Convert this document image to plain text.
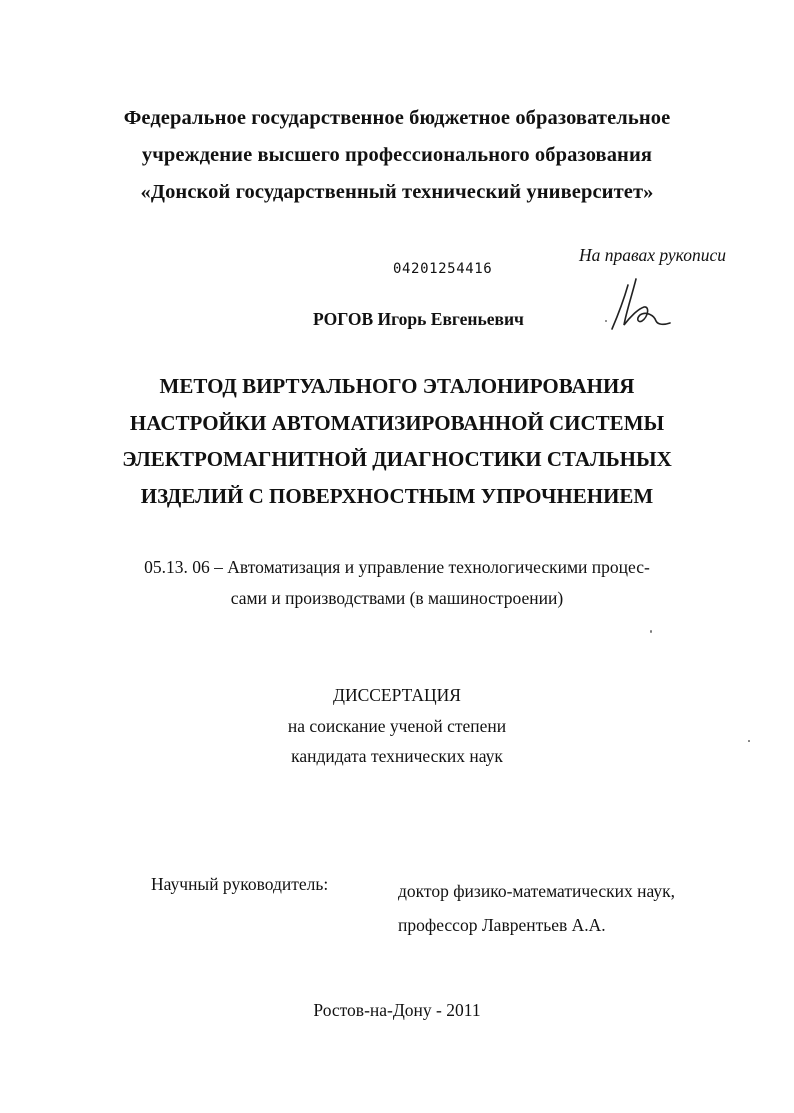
Федеральное государственное бюджетное образовательное
учреждение высшего профессионального образования
«Донской государственный технический университет»
На правах рукописи
04201254416
РОГОВ Игорь Евгеньевич
МЕТОД ВИРТУАЛЬНОГО ЭТАЛОНИРОВАНИЯ
НАСТРОЙКИ АВТОМАТИЗИРОВАННОЙ СИСТЕМЫ
ЭЛЕКТРОМАГНИТНОЙ ДИАГНОСТИКИ СТАЛЬНЫХ
ИЗДЕЛИЙ С ПОВЕРХНОСТНЫМ УПРОЧНЕНИЕМ
05.13. 06 – Автоматизация и управление технологическими процес-
сами и производствами (в машиностроении)
ДИССЕРТАЦИЯ
на соискание ученой степени
кандидата технических наук
Научный руководитель:	доктор физико-математических наук,
профессор Лаврентьев А.А.
Ростов-на-Дону - 2011
